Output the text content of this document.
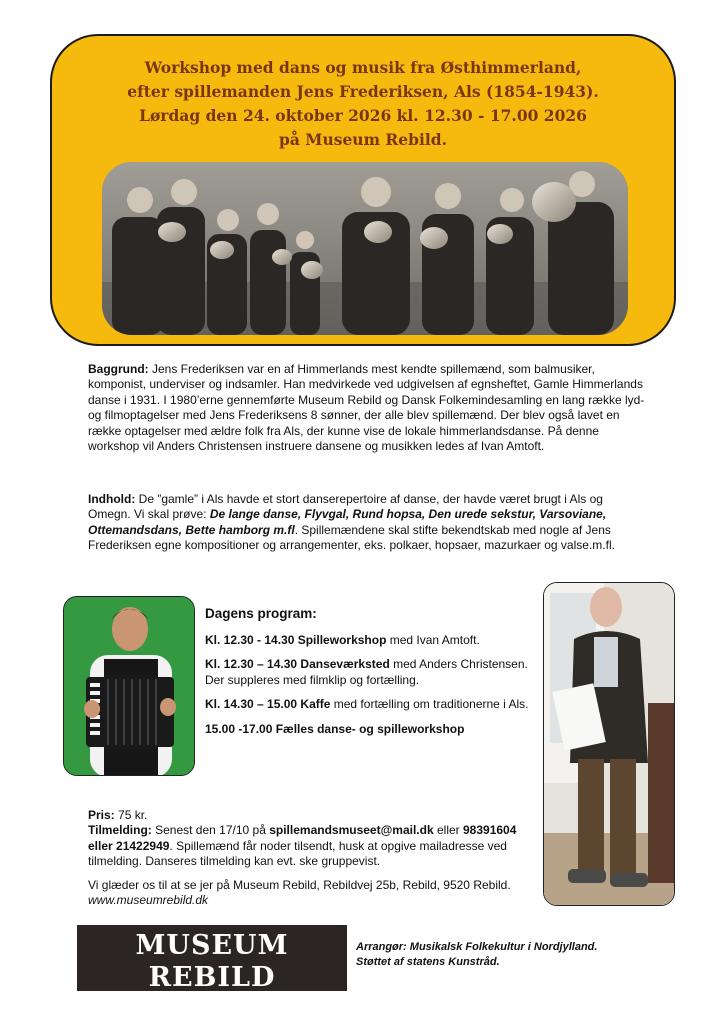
Workshop med dans og musik fra Østhimmerland,
efter spillemanden Jens Frederiksen, Als (1854-1943).
Lørdag den 24. oktober 2026 kl. 12.30 - 17.00 2026
på Museum Rebild.

Baggrund: Jens Frederiksen var en af Himmerlands mest kendte spillemænd, som balmusiker, komponist, underviser og indsamler. Han medvirkede ved udgivelsen af egnsheftet, Gamle Himmerlands danse i 1931. I 1980’erne gennemførte Museum Rebild og Dansk Folkemindesamling en lang række lyd-og filmoptagelser med Jens Frederiksens 8 sønner, der alle blev spillemænd. Der blev også lavet en række optagelser med ældre folk fra Als, der kunne vise de lokale himmerlandsdanse. På denne workshop vil Anders Christensen instruere dansene og musikken ledes af Ivan Amtoft.

Indhold: De ”gamle” i Als havde et stort danserepertoire af danse, der havde været brugt i Als og Omegn. Vi skal prøve: De lange danse, Flyvgal, Rund hopsa, Den urede sekstur, Varsoviane, Ottemandsdans, Bette hamborg m.fl. Spillemændene skal stifte bekendtskab med nogle af Jens Frederiksen egne kompositioner og arrangementer, eks. polkaer, hopsaer, mazurkaer og valse.m.fl.

Dagens program:
Kl. 12.30 - 14.30 Spilleworkshop med Ivan Amtoft.
Kl. 12.30 – 14.30 Danseværksted med Anders Christensen. Der suppleres med filmklip og fortælling.
Kl. 14.30 – 15.00 Kaffe med fortælling om traditionerne i Als.
15.00 -17.00 Fælles danse- og spilleworkshop
Pris: 75 kr.
Tilmelding: Senest den 17/10 på spillemandsmuseet@mail.dk eller 98391604 eller 21422949. Spillemænd får noder tilsendt, husk at opgive mailadresse ved tilmelding. Danseres tilmelding kan evt. ske gruppevist.
Vi glæder os til at se jer på Museum Rebild, Rebildvej 25b, Rebild, 9520 Rebild. www.museumrebild.dk
MUSEUM REBILD
THE DANISH-AMERICAN HERITAGE CENTER
Arrangør: Musikalsk Folkekultur i Nordjylland.
Støttet af statens Kunstråd.
